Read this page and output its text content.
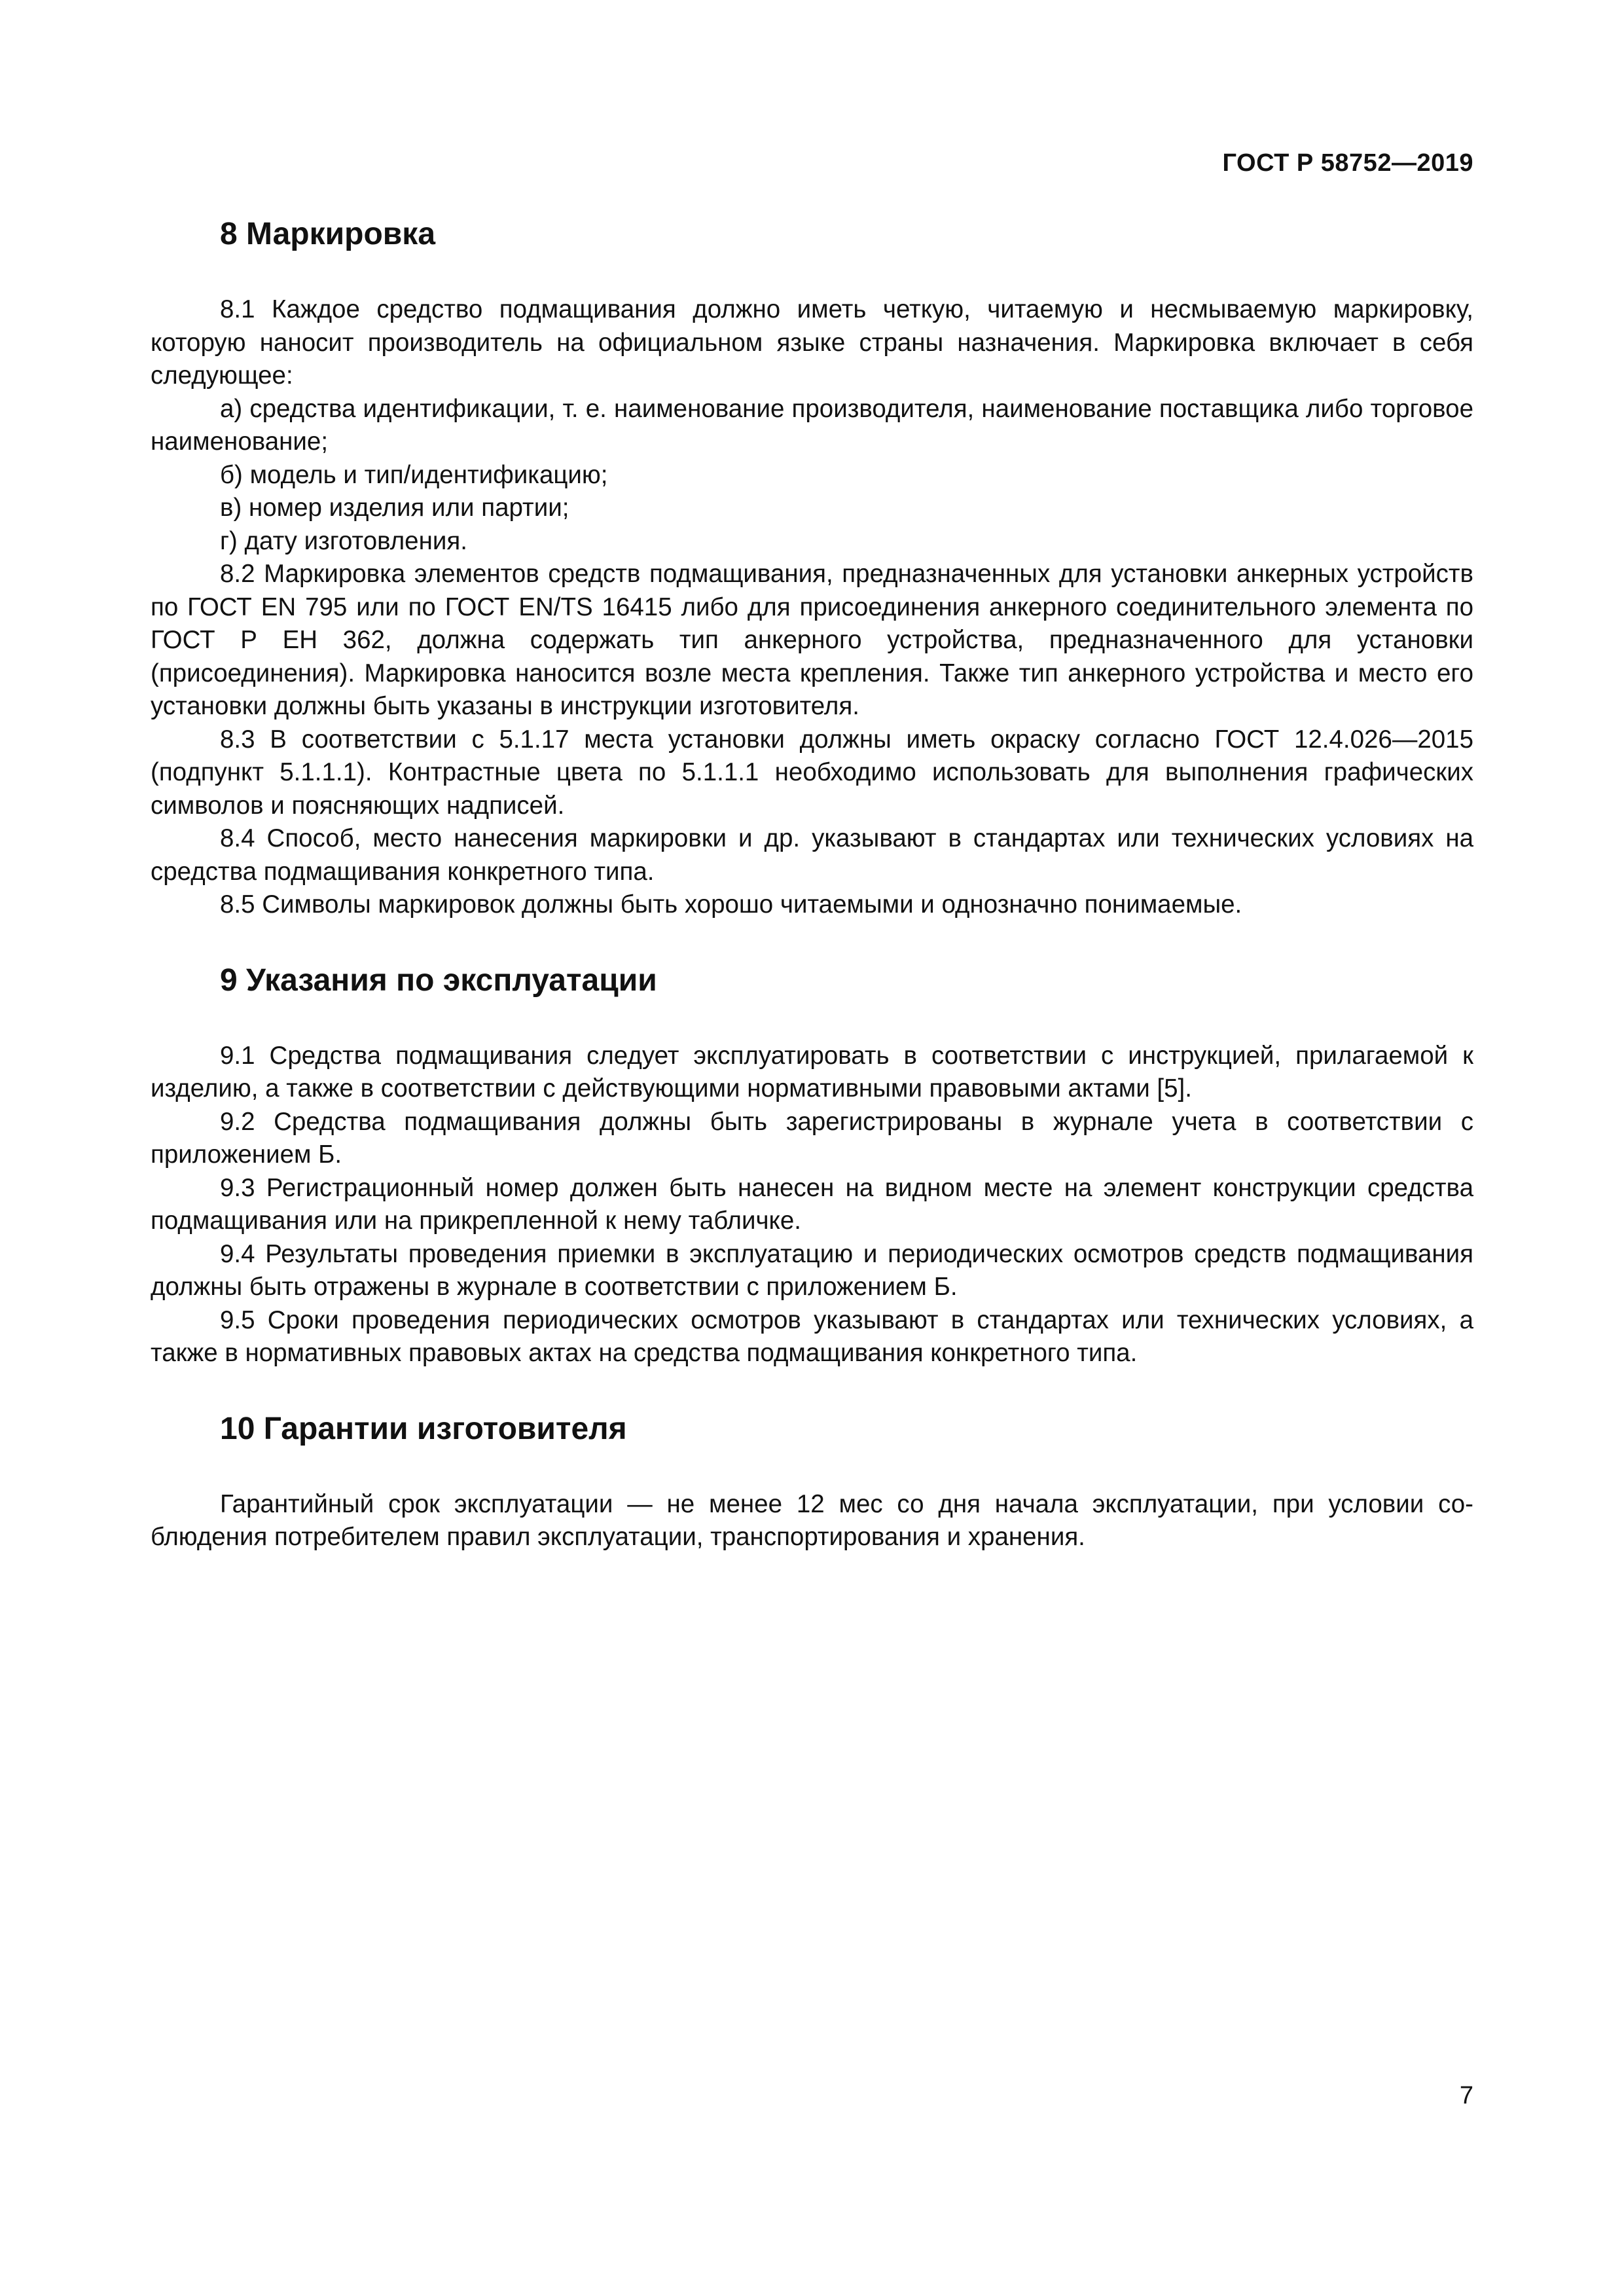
ГОСТ Р 58752—2019
8 Маркировка

8.1 Каждое средство подмащивания должно иметь четкую, читаемую и несмываемую маркировку, которую наносит производитель на официальном языке страны назначения. Маркировка включает в себя следующее:

а) средства идентификации, т. е. наименование производителя, наименование поставщика либо торговое наименование;

б) модель и тип/идентификацию;

в) номер изделия или партии;

г) дату изготовления.

8.2 Маркировка элементов средств подмащивания, предназначенных для установки анкерных устройств по ГОСТ EN 795 или по ГОСТ EN/TS 16415 либо для присоединения анкерного соединительного элемента по ГОСТ Р ЕН 362, должна содержать тип анкерного устройства, предназначенного для установки (присоединения). Маркировка наносится возле места крепления. Также тип анкерного устройства и место его установки должны быть указаны в инструкции изготовителя.

8.3 В соответствии с 5.1.17 места установки должны иметь окраску согласно ГОСТ 12.4.026—2015 (подпункт 5.1.1.1). Контрастные цвета по 5.1.1.1 необходимо использовать для выполнения графических символов и поясняющих надписей.

8.4 Способ, место нанесения маркировки и др. указывают в стандартах или технических условиях на средства подмащивания конкретного типа.

8.5 Символы маркировок должны быть хорошо читаемыми и однозначно понимаемые.

9 Указания по эксплуатации

9.1 Средства подмащивания следует эксплуатировать в соответствии с инструкцией, прилагаемой к изделию, а также в соответствии с действующими нормативными правовыми актами [5].

9.2 Средства подмащивания должны быть зарегистрированы в журнале учета в соответствии с приложением Б.

9.3 Регистрационный номер должен быть нанесен на видном месте на элемент конструкции средства подмащивания или на прикрепленной к нему табличке.

9.4 Результаты проведения приемки в эксплуатацию и периодических осмотров средств подмащивания должны быть отражены в журнале в соответствии с приложением Б.

9.5 Сроки проведения периодических осмотров указывают в стандартах или технических условиях, а также в нормативных правовых актах на средства подмащивания конкретного типа.

10 Гарантии изготовителя

Гарантийный срок эксплуатации — не менее 12 мес со дня начала эксплуатации, при условии соблюдения потребителем правил эксплуатации, транспортирования и хранения.

7
